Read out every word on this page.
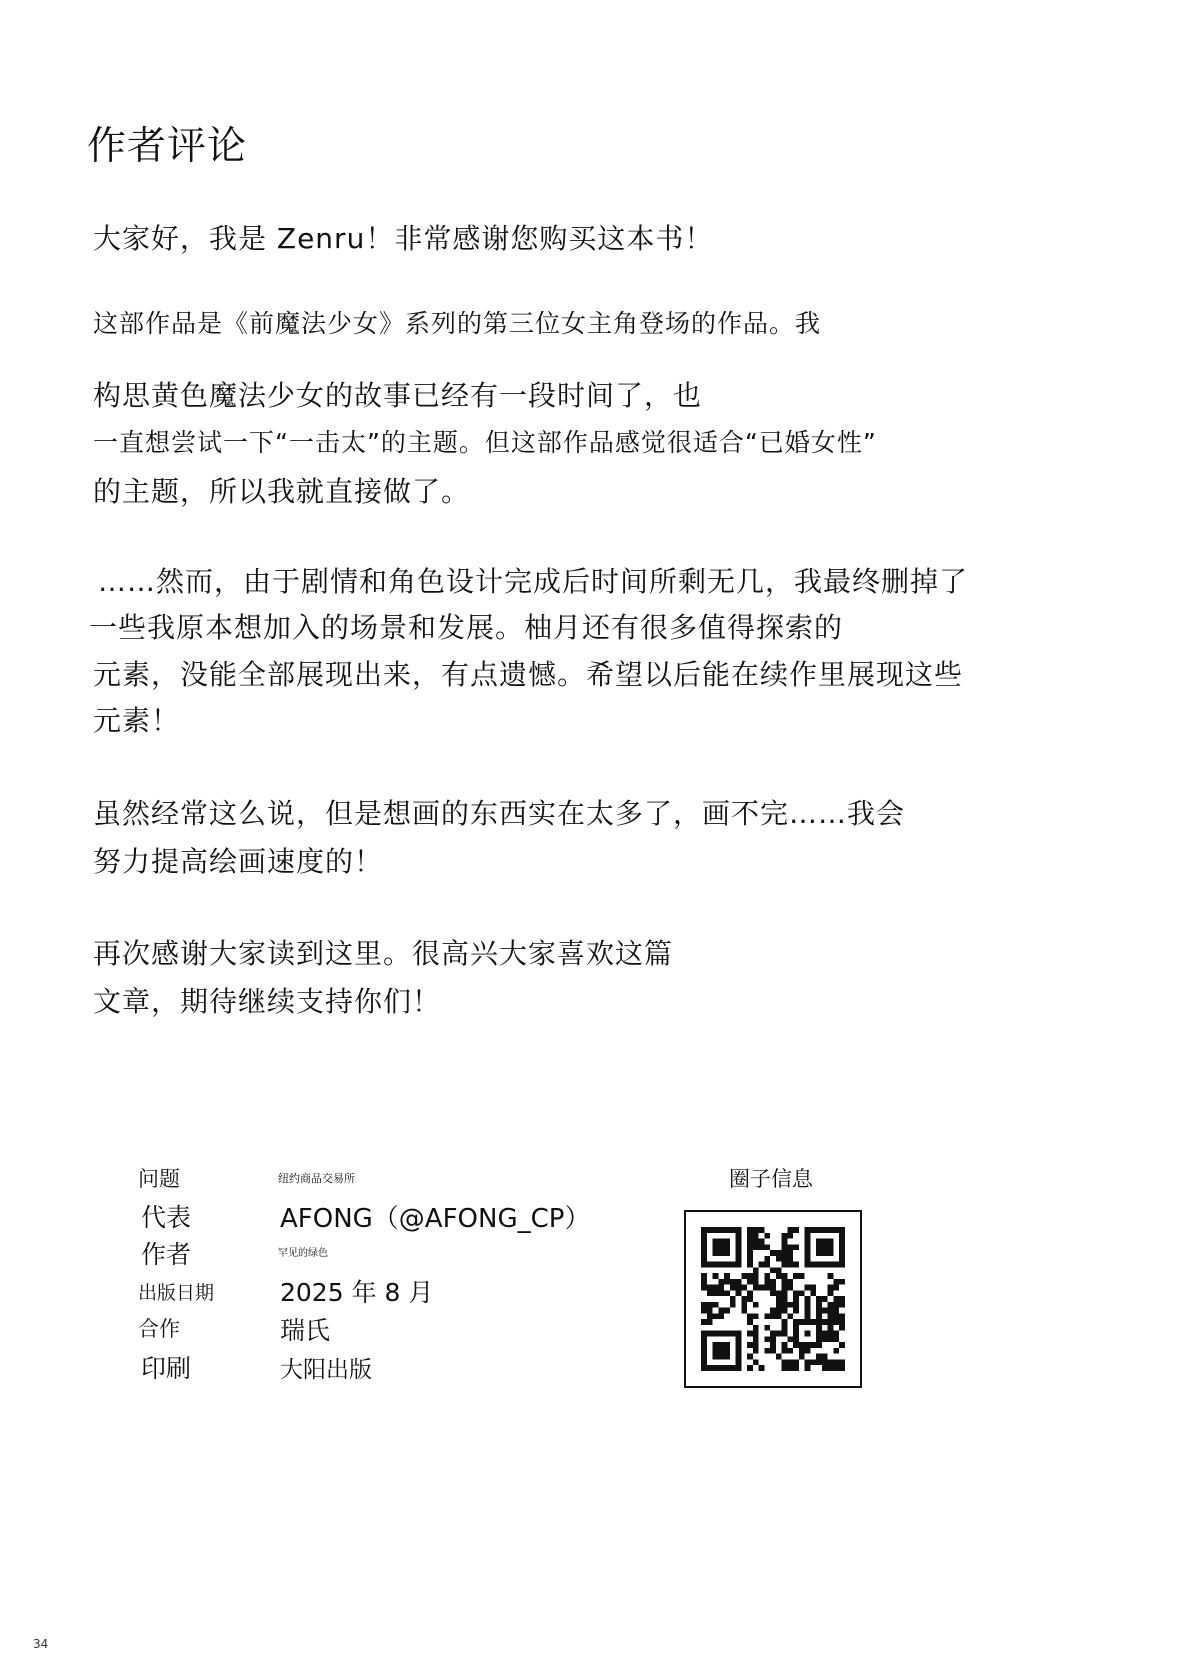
作者评论
大家好，我是 Zenru！非常感谢您购买这本书！
这部作品是《前魔法少女》系列的第三位女主角登场的作品。我
构思黄色魔法少女的故事已经有一段时间了，也
一直想尝试一下“一击太”的主题。但这部作品感觉很适合“已婚女性”
的主题，所以我就直接做了。
……然而，由于剧情和角色设计完成后时间所剩无几，我最终删掉了
一些我原本想加入的场景和发展。柚月还有很多值得探索的
元素，没能全部展现出来，有点遗憾。希望以后能在续作里展现这些
元素！
虽然经常这么说，但是想画的东西实在太多了，画不完……我会
努力提高绘画速度的！
再次感谢大家读到这里。很高兴大家喜欢这篇
文章，期待继续支持你们！
问题	纽约商品交易所
代表	AFONG（@AFONG_CP）
作者	罕见的绿色
出版日期	2025 年 8 月
合作	瑞氏
印刷	大阳出版
圈子信息
34
